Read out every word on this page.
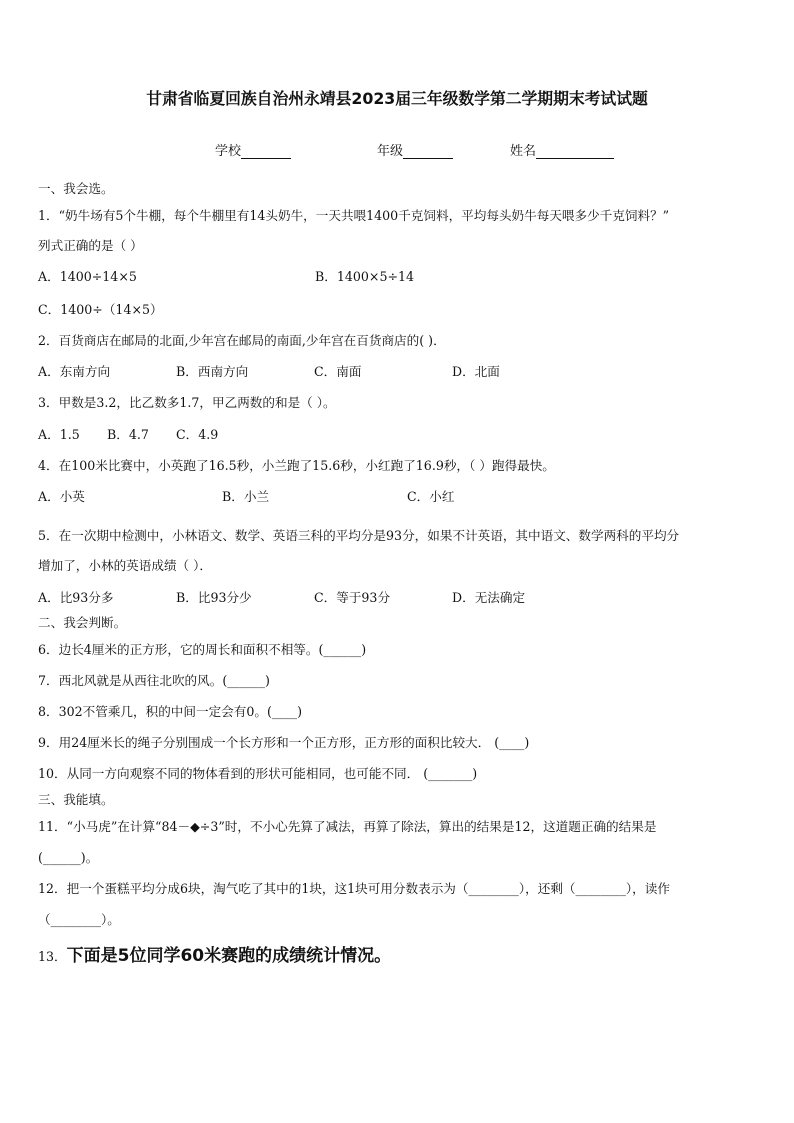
甘肃省临夏回族自治州永靖县2023届三年级数学第二学期期末考试试题
学校	年级	姓名
一、我会选。
1．“奶牛场有5个牛棚，每个牛棚里有14头奶牛，一天共喂1400千克饲料，平均每头奶牛每天喂多少千克饲料？”
列式正确的是（ ）
A．1400÷14×5	B．1400×5÷14
C．1400÷（14×5）
2．百货商店在邮局的北面,少年宫在邮局的南面,少年宫在百货商店的( )．
A．东南方向	B．西南方向	C．南面	D．北面
3．甲数是3.2，比乙数多1.7，甲乙两数的和是（ ）。
A．1.5 B．4.7 C．4.9
4．在100米比赛中，小英跑了16.5秒，小兰跑了15.6秒，小红跑了16.9秒，（ ）跑得最快。
A．小英	B．小兰	C．小红
5．在一次期中检测中，小林语文、数学、英语三科的平均分是93分，如果不计英语，其中语文、数学两科的平均分
增加了，小林的英语成绩（ ）．
A．比93分多	B．比93分少	C．等于93分	D．无法确定
二、我会判断。
6．边长4厘米的正方形，它的周长和面积不相等。(______)
7．西北风就是从西往北吹的风。(______)
8．302不管乘几，积的中间一定会有0。(____)
9．用24厘米长的绳子分别围成一个长方形和一个正方形，正方形的面积比较大． (____)
10．从同一方向观察不同的物体看到的形状可能相同，也可能不同． (_______)
三、我能填。
11．“小马虎”在计算“84－◆÷3”时，不小心先算了减法，再算了除法，算出的结果是12，这道题正确的结果是
(______)。
12．把一个蛋糕平均分成6块，淘气吃了其中的1块，这1块可用分数表示为（________），还剩（________），读作
（________）。
13．下面是5位同学60米赛跑的成绩统计情况。
